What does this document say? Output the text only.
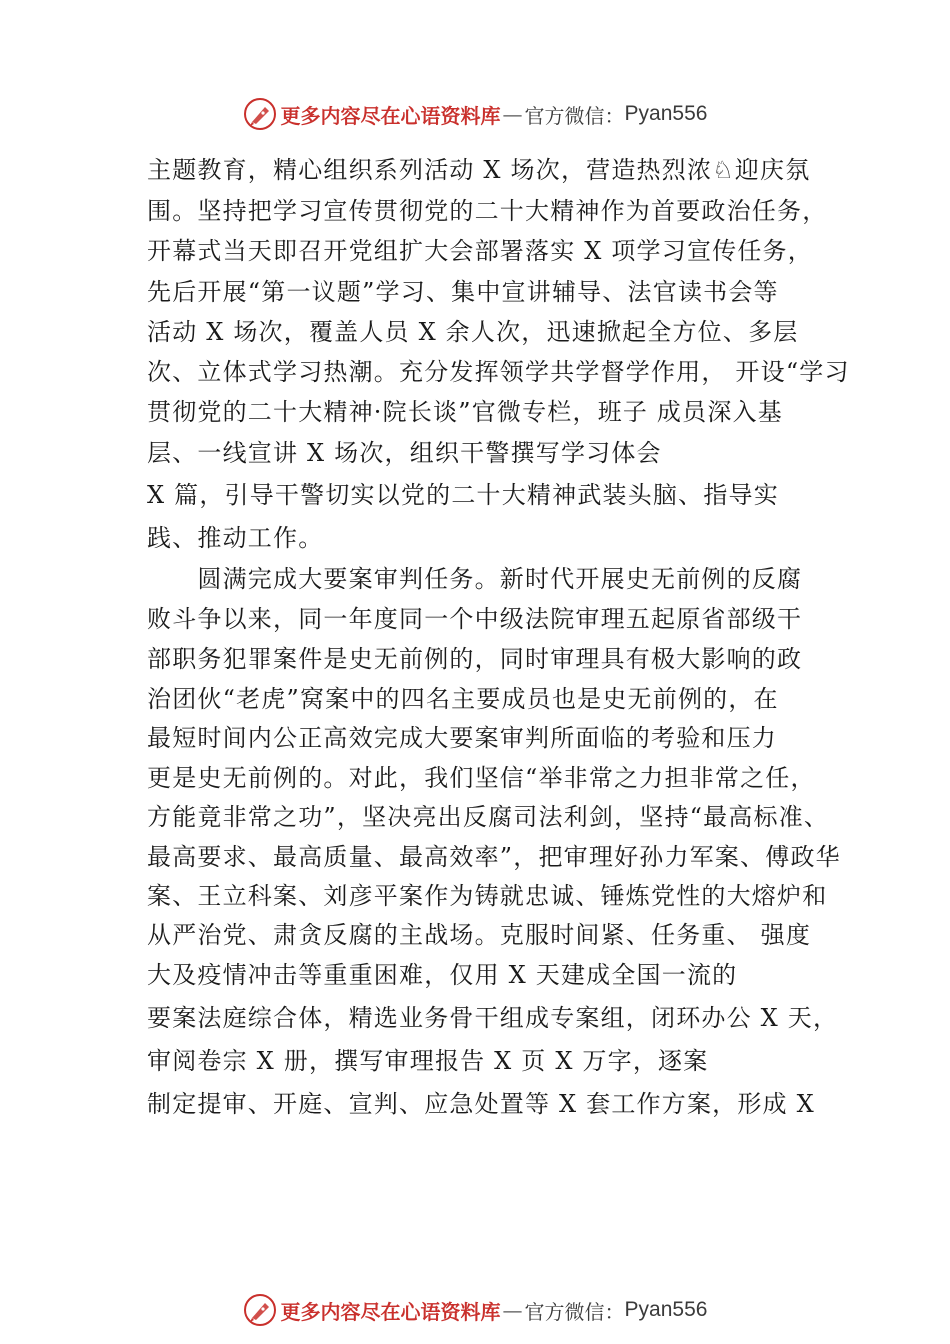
更多内容尽在心语资料库 — 官方微信： Pyan556
主题教育，精心组织系列活动 X 场次，营造热烈浓♘迎庆氛
围。坚持把学习宣传贯彻党的二十大精神作为首要政治任务，
开幕式当天即召开党组扩大会部署落实 X 项学习宣传任务，
先后开展“第一议题”学习、集中宣讲辅导、法官读书会等
活动 X 场次，覆盖人员 X 余人次，迅速掀起全方位、多层
次、立体式学习热潮。充分发挥领学共学督学作用， 开设“学习
贯彻党的二十大精神·院长谈”官微专栏，班子 成员深入基
层、一线宣讲 X 场次，组织干警撰写学习体会
X 篇，引导干警切实以党的二十大精神武装头脑、指导实
践、推动工作。
　　圆满完成大要案审判任务。新时代开展史无前例的反腐
败斗争以来，同一年度同一个中级法院审理五起原省部级干
部职务犯罪案件是史无前例的，同时审理具有极大影响的政
治团伙“老虎”窝案中的四名主要成员也是史无前例的，在
最短时间内公正高效完成大要案审判所面临的考验和压力
更是史无前例的。对此，我们坚信“举非常之力担非常之任，
方能竟非常之功”，坚决亮出反腐司法利剑，坚持“最高标准、
最高要求、最高质量、最高效率”，把审理好孙力军案、傅政华
案、王立科案、刘彦平案作为铸就忠诚、锤炼党性的大熔炉和
从严治党、肃贪反腐的主战场。克服时间紧、任务重、 强度
大及疫情冲击等重重困难，仅用 X 天建成全国一流的
要案法庭综合体，精选业务骨干组成专案组，闭环办公 X 天，
审阅卷宗 X 册，撰写审理报告 X 页 X 万字，逐案
制定提审、开庭、宣判、应急处置等 X 套工作方案，形成 X
更多内容尽在心语资料库 — 官方微信： Pyan556
